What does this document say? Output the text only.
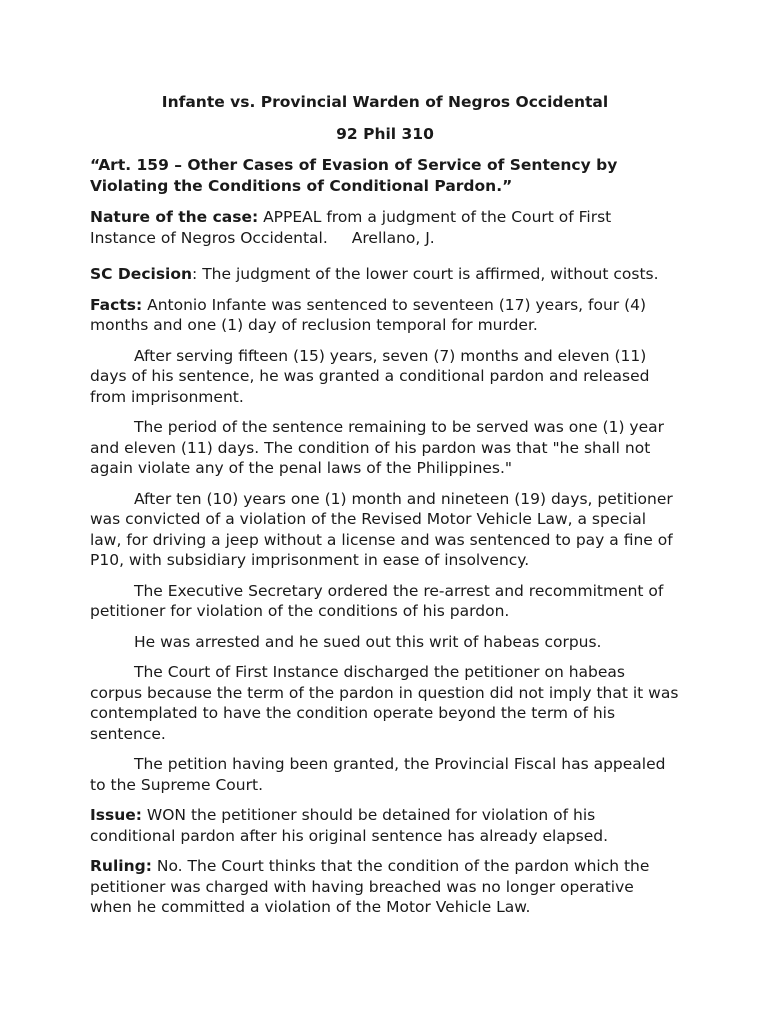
Infante vs. Provincial Warden of Negros Occidental

92 Phil 310

“Art. 159 – Other Cases of Evasion of Service of Sentency by Violating the Conditions of Conditional Pardon.”

Nature of the case: APPEAL from a judgment of the Court of First Instance of Negros Occidental. Arellano, J.

SC Decision: The judgment of the lower court is affirmed, without costs.

Facts: Antonio Infante was sentenced to seventeen (17) years, four (4) months and one (1) day of reclusion temporal for murder.

After serving fifteen (15) years, seven (7) months and eleven (11) days of his sentence, he was granted a conditional pardon and released from imprisonment.

The period of the sentence remaining to be served was one (1) year and eleven (11) days. The condition of his pardon was that "he shall not again violate any of the penal laws of the Philippines."

After ten (10) years one (1) month and nineteen (19) days, petitioner was convicted of a violation of the Revised Motor Vehicle Law, a special law, for driving a jeep without a license and was sentenced to pay a fine of P10, with subsidiary imprisonment in ease of insolvency.

The Executive Secretary ordered the re-arrest and recommitment of petitioner for violation of the conditions of his pardon.

He was arrested and he sued out this writ of habeas corpus.

The Court of First Instance discharged the petitioner on habeas corpus because the term of the pardon in question did not imply that it was contemplated to have the condition operate beyond the term of his sentence.

The petition having been granted, the Provincial Fiscal has appealed to the Supreme Court.

Issue: WON the petitioner should be detained for violation of his conditional pardon after his original sentence has already elapsed.

Ruling: No. The Court thinks that the condition of the pardon which the petitioner was charged with having breached was no longer operative when he committed a violation of the Motor Vehicle Law.
